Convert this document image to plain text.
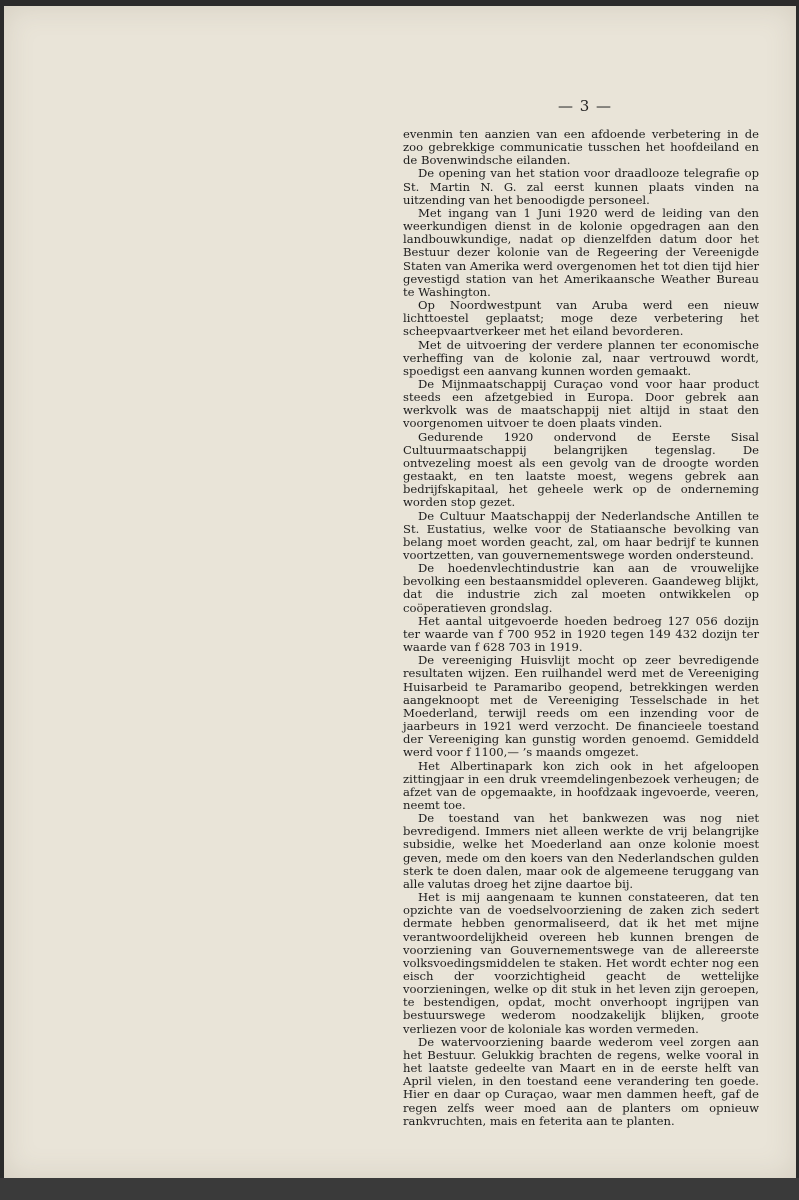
— 3 —

evenmin ten aanzien van een afdoende verbetering in de zoo gebrekkige communicatie tusschen het hoofdeiland en de Bovenwindsche eilanden.

De opening van het station voor draadlooze telegrafie op St. Martin N. G. zal eerst kunnen plaats vinden na uitzending van het benoodigde personeel.

Met ingang van 1 Juni 1920 werd de leiding van den weerkundigen dienst in de kolonie opgedragen aan den landbouwkundige, nadat op dienzelfden datum door het Bestuur dezer kolonie van de Regeering der Vereenigde Staten van Amerika werd overgenomen het tot dien tijd hier gevestigd station van het Amerikaansche Weather Bureau te Washington.

Op Noordwestpunt van Aruba werd een nieuw lichttoestel geplaatst; moge deze verbetering het scheepvaartverkeer met het eiland bevorderen.

Met de uitvoering der verdere plannen ter economische verheffing van de kolonie zal, naar vertrouwd wordt, spoedigst een aanvang kunnen worden gemaakt.

De Mijnmaatschappij Curaçao vond voor haar product steeds een afzetgebied in Europa. Door gebrek aan werkvolk was de maatschappij niet altijd in staat den voorgenomen uitvoer te doen plaats vinden.

Gedurende 1920 ondervond de Eerste Sisal Cultuurmaatschappij belangrijken tegenslag. De ontvezeling moest als een gevolg van de droogte worden gestaakt, en ten laatste moest, wegens gebrek aan bedrijfskapitaal, het geheele werk op de onderneming worden stop gezet.

De Cultuur Maatschappij der Nederlandsche Antillen te St. Eustatius, welke voor de Statiaansche bevolking van belang moet worden geacht, zal, om haar bedrijf te kunnen voortzetten, van gouvernementswege worden ondersteund.

De hoedenvlechtindustrie kan aan de vrouwelijke bevolking een bestaansmiddel opleveren. Gaandeweg blijkt, dat die industrie zich zal moeten ontwikkelen op coöperatieven grondslag.

Het aantal uitgevoerde hoeden bedroeg 127 056 dozijn ter waarde van f 700 952 in 1920 tegen 149 432 dozijn ter waarde van f 628 703 in 1919.

De vereeniging Huisvlijt mocht op zeer bevredigende resultaten wijzen. Een ruilhandel werd met de Vereeniging Huisarbeid te Paramaribo geopend, betrekkingen werden aangeknoopt met de Vereeniging Tesselschade in het Moederland, terwijl reeds om een inzending voor de jaarbeurs in 1921 werd verzocht. De financieele toestand der Vereeniging kan gunstig worden genoemd. Gemiddeld werd voor f 1100,— ’s maands omgezet.

Het Albertinapark kon zich ook in het afgeloopen zittingjaar in een druk vreemdelingenbezoek verheugen; de afzet van de opgemaakte, in hoofdzaak ingevoerde, veeren, neemt toe.

De toestand van het bankwezen was nog niet bevredigend. Immers niet alleen werkte de vrij belangrijke subsidie, welke het Moederland aan onze kolonie moest geven, mede om den koers van den Nederlandschen gulden sterk te doen dalen, maar ook de algemeene teruggang van alle valutas droeg het zijne daartoe bij.

Het is mij aangenaam te kunnen constateeren, dat ten opzichte van de voedselvoorziening de zaken zich sedert dermate hebben genormaliseerd, dat ik het met mijne verantwoordelijkheid overeen heb kunnen brengen de voorziening van Gouvernementswege van de allereerste volksvoedingsmiddelen te staken. Het wordt echter nog een eisch der voorzichtigheid geacht de wettelijke voorzieningen, welke op dit stuk in het leven zijn geroepen, te bestendigen, opdat, mocht onverhoopt ingrijpen van bestuurswege wederom noodzakelijk blijken, groote verliezen voor de koloniale kas worden vermeden.

De watervoorziening baarde wederom veel zorgen aan het Bestuur. Gelukkig brachten de regens, welke vooral in het laatste gedeelte van Maart en in de eerste helft van April vielen, in den toestand eene verandering ten goede. Hier en daar op Curaçao, waar men dammen heeft, gaf de regen zelfs weer moed aan de planters om opnieuw rankvruchten, mais en feterita aan te planten.
